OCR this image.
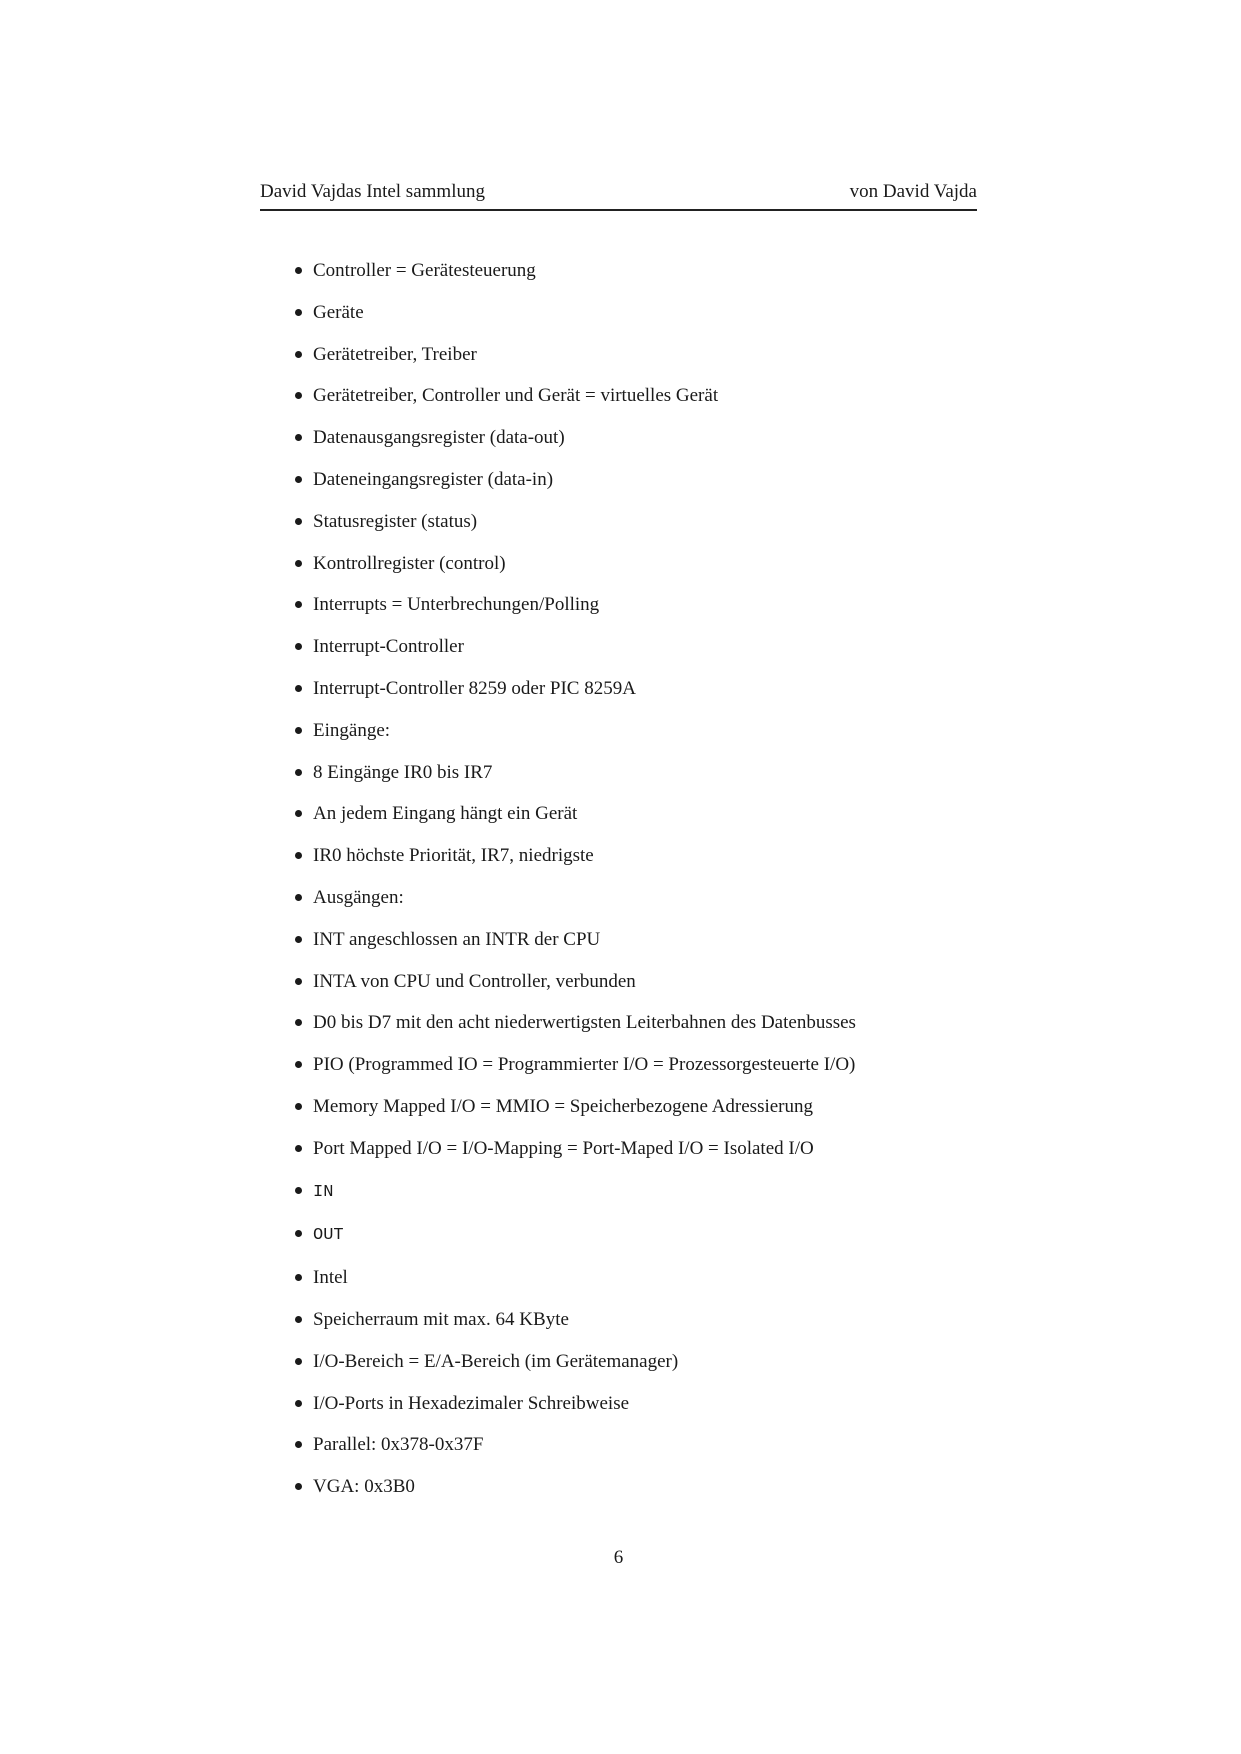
David Vajdas Intel sammlung	von David Vajda
Controller = Gerätesteuerung
Geräte
Gerätetreiber, Treiber
Gerätetreiber, Controller und Gerät = virtuelles Gerät
Datenausgangsregister (data-out)
Dateneingangsregister (data-in)
Statusregister (status)
Kontrollregister (control)
Interrupts = Unterbrechungen/Polling
Interrupt-Controller
Interrupt-Controller 8259 oder PIC 8259A
Eingänge:
8 Eingänge IR0 bis IR7
An jedem Eingang hängt ein Gerät
IR0 höchste Priorität, IR7, niedrigste
Ausgängen:
INT angeschlossen an INTR der CPU
INTA von CPU und Controller, verbunden
D0 bis D7 mit den acht niederwertigsten Leiterbahnen des Datenbusses
PIO (Programmed IO = Programmierter I/O = Prozessorgesteuerte I/O)
Memory Mapped I/O = MMIO = Speicherbezogene Adressierung
Port Mapped I/O = I/O-Mapping = Port-Maped I/O = Isolated I/O
IN
OUT
Intel
Speicherraum mit max. 64 KByte
I/O-Bereich = E/A-Bereich (im Gerätemanager)
I/O-Ports in Hexadezimaler Schreibweise
Parallel: 0x378-0x37F
VGA: 0x3B0
6
